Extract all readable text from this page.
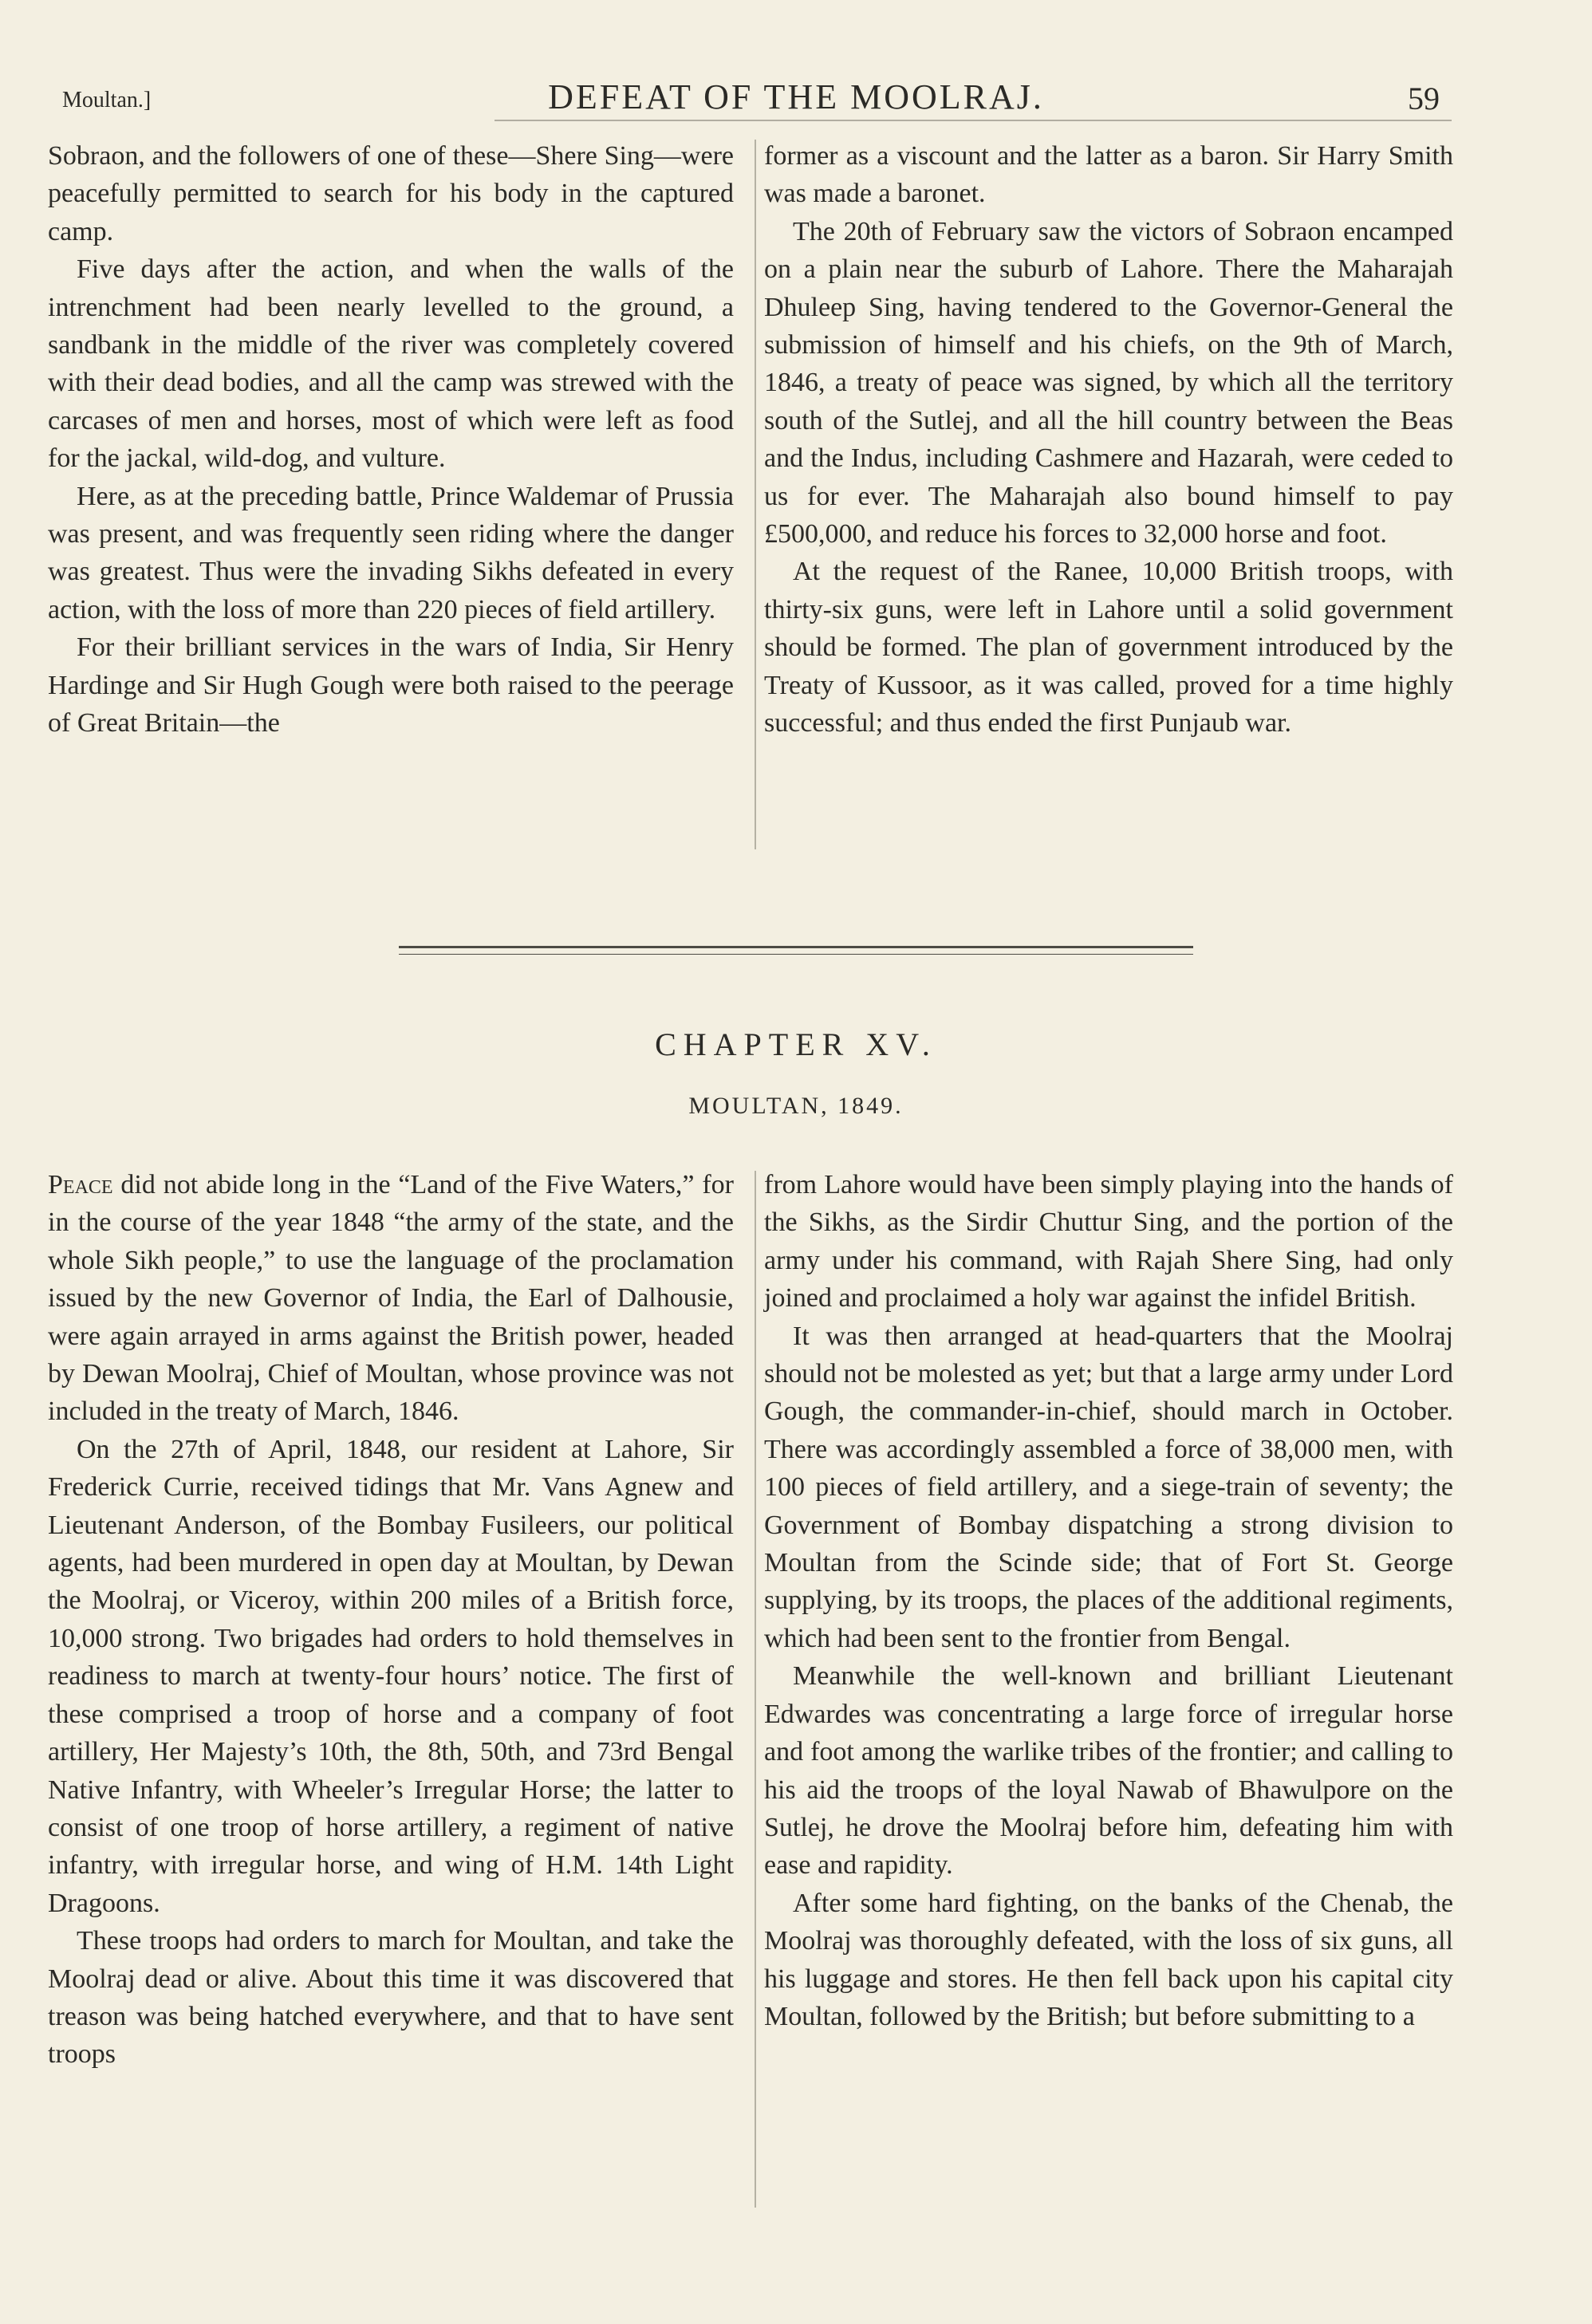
Moultan.]	DEFEAT OF THE MOOLRAJ.	59

Sobraon, and the followers of one of these—Shere Sing—were peacefully permitted to search for his body in the captured camp.

Five days after the action, and when the walls of the intrenchment had been nearly levelled to the ground, a sandbank in the middle of the river was completely covered with their dead bodies, and all the camp was strewed with the carcases of men and horses, most of which were left as food for the jackal, wild-dog, and vulture.

Here, as at the preceding battle, Prince Waldemar of Prussia was present, and was frequently seen riding where the danger was greatest. Thus were the invading Sikhs defeated in every action, with the loss of more than 220 pieces of field artillery.

For their brilliant services in the wars of India, Sir Henry Hardinge and Sir Hugh Gough were both raised to the peerage of Great Britain—the

former as a viscount and the latter as a baron. Sir Harry Smith was made a baronet.

The 20th of February saw the victors of Sobraon encamped on a plain near the suburb of Lahore. There the Maharajah Dhuleep Sing, having tendered to the Governor-General the submission of himself and his chiefs, on the 9th of March, 1846, a treaty of peace was signed, by which all the territory south of the Sutlej, and all the hill country between the Beas and the Indus, including Cashmere and Hazarah, were ceded to us for ever. The Maharajah also bound himself to pay £500,000, and reduce his forces to 32,000 horse and foot.

At the request of the Ranee, 10,000 British troops, with thirty-six guns, were left in Lahore until a solid government should be formed. The plan of government introduced by the Treaty of Kussoor, as it was called, proved for a time highly successful; and thus ended the first Punjaub war.

CHAPTER XV.
MOULTAN, 1849.

Peace did not abide long in the “Land of the Five Waters,” for in the course of the year 1848 “the army of the state, and the whole Sikh people,” to use the language of the proclamation issued by the new Governor of India, the Earl of Dalhousie, were again arrayed in arms against the British power, headed by Dewan Moolraj, Chief of Moultan, whose province was not included in the treaty of March, 1846.

On the 27th of April, 1848, our resident at Lahore, Sir Frederick Currie, received tidings that Mr. Vans Agnew and Lieutenant Anderson, of the Bombay Fusileers, our political agents, had been murdered in open day at Moultan, by Dewan the Moolraj, or Viceroy, within 200 miles of a British force, 10,000 strong. Two brigades had orders to hold themselves in readiness to march at twenty-four hours’ notice. The first of these comprised a troop of horse and a company of foot artillery, Her Majesty’s 10th, the 8th, 50th, and 73rd Bengal Native Infantry, with Wheeler’s Irregular Horse; the latter to consist of one troop of horse artillery, a regiment of native infantry, with irregular horse, and wing of H.M. 14th Light Dragoons.

These troops had orders to march for Moultan, and take the Moolraj dead or alive. About this time it was discovered that treason was being hatched everywhere, and that to have sent troops

from Lahore would have been simply playing into the hands of the Sikhs, as the Sirdir Chuttur Sing, and the portion of the army under his command, with Rajah Shere Sing, had only joined and proclaimed a holy war against the infidel British.

It was then arranged at head-quarters that the Moolraj should not be molested as yet; but that a large army under Lord Gough, the commander-in-chief, should march in October. There was accordingly assembled a force of 38,000 men, with 100 pieces of field artillery, and a siege-train of seventy; the Government of Bombay dispatching a strong division to Moultan from the Scinde side; that of Fort St. George supplying, by its troops, the places of the additional regiments, which had been sent to the frontier from Bengal.

Meanwhile the well-known and brilliant Lieutenant Edwardes was concentrating a large force of irregular horse and foot among the warlike tribes of the frontier; and calling to his aid the troops of the loyal Nawab of Bhawulpore on the Sutlej, he drove the Moolraj before him, defeating him with ease and rapidity.

After some hard fighting, on the banks of the Chenab, the Moolraj was thoroughly defeated, with the loss of six guns, all his luggage and stores. He then fell back upon his capital city Moultan, followed by the British; but before submitting to a
